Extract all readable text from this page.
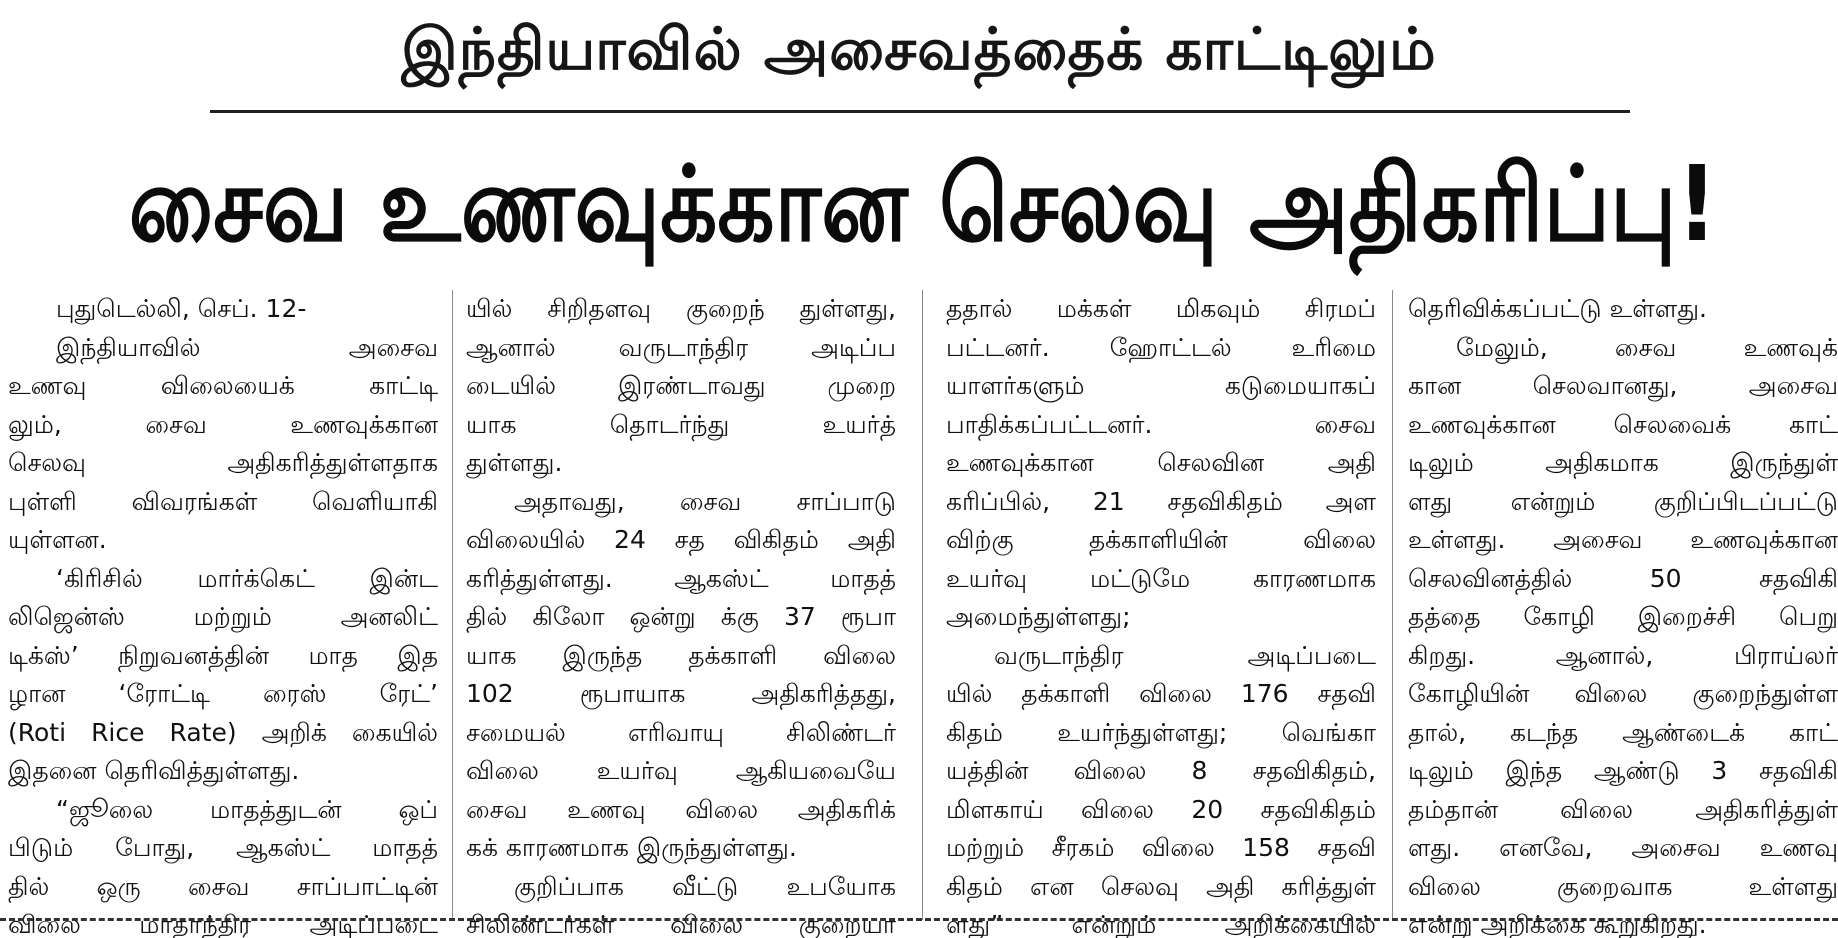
இந்தியாவில் அசைவத்தைக் காட்டிலும்
சைவ உணவுக்கான செலவு அதிகரிப்பு!

புதுடெல்லி, செப். 12-

இந்தியாவில் அசைவ

உணவு விலையைக் காட்டி

லும், சைவ உணவுக்கான

செலவு அதிகரித்துள்ளதாக

புள்ளி விவரங்கள் வெளியாகி

யுள்ளன.

‘கிரிசில் மார்க்கெட் இன்ட

லிஜென்ஸ் மற்றும் அனலிட்

டிக்ஸ்’ நிறுவனத்தின் மாத இத

ழான ‘ரோட்டி ரைஸ் ரேட்’

(Roti Rice Rate) அறிக் கையில்

இதனை தெரிவித்துள்ளது.

“ஜூலை மாதத்துடன் ஒப்

பிடும் போது, ஆகஸ்ட் மாதத்

தில் ஒரு சைவ சாப்பாட்டின்

விலை மாதாந்திர அடிப்படை

யில் சிறிதளவு குறைந் துள்ளது,

ஆனால் வருடாந்திர அடிப்ப

டையில் இரண்டாவது முறை

யாக தொடர்ந்து உயர்த்

துள்ளது.

அதாவது, சைவ சாப்பாடு

விலையில் 24 சத விகிதம் அதி

கரித்துள்ளது. ஆகஸ்ட் மாதத்

தில் கிலோ ஒன்று க்கு 37 ரூபா

யாக இருந்த தக்காளி விலை

102 ரூபாயாக அதிகரித்தது,

சமையல் எரிவாயு சிலிண்டர்

விலை உயர்வு ஆகியவையே

சைவ உணவு விலை அதிகரிக்

கக் காரணமாக இருந்துள்ளது.

குறிப்பாக வீட்டு உபயோக

சிலிண்டர்கள் விலை குறையா

ததால் மக்கள் மிகவும் சிரமப்

பட்டனர். ஹோட்டல் உரிமை

யாளர்களும் கடுமையாகப்

பாதிக்கப்பட்டனர். சைவ

உணவுக்கான செலவின அதி

கரிப்பில், 21 சதவிகிதம் அள

விற்கு தக்காளியின் விலை

உயர்வு மட்டுமே காரணமாக

அமைந்துள்ளது;

வருடாந்திர அடிப்படை

யில் தக்காளி விலை 176 சதவி

கிதம் உயர்ந்துள்ளது; வெங்கா

யத்தின் விலை 8 சதவிகிதம்,

மிளகாய் விலை 20 சதவிகிதம்

மற்றும் சீரகம் விலை 158 சதவி

கிதம் என செலவு அதி கரித்துள்

ளது” என்றும் அறிக்கையில்

தெரிவிக்கப்பட்டு உள்ளது.

மேலும், சைவ உணவுக்

கான செலவானது, அசைவ

உணவுக்கான செலவைக் காட்

டிலும் அதிகமாக இருந்துள்

ளது என்றும் குறிப்பிடப்பட்டு

உள்ளது. அசைவ உணவுக்கான

செலவினத்தில் 50 சதவிகி

தத்தை கோழி இறைச்சி பெறு

கிறது. ஆனால், பிராய்லர்

கோழியின் விலை குறைந்துள்ள

தால், கடந்த ஆண்டைக் காட்

டிலும் இந்த ஆண்டு 3 சதவிகி

தம்தான் விலை அதிகரித்துள்

ளது. எனவே, அசைவ உணவு

விலை குறைவாக உள்ளது

என்று அறிக்கை கூறுகிறது.
